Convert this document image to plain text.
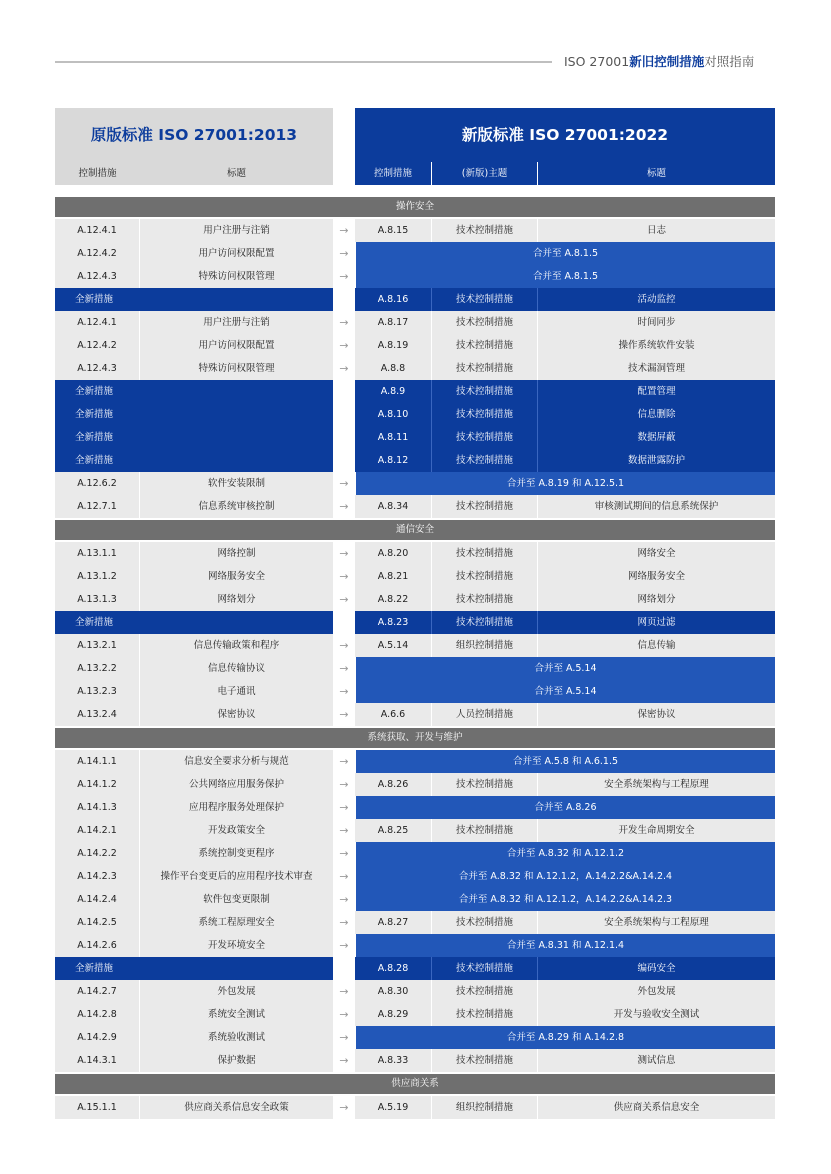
ISO 27001新旧控制措施对照指南
原版标准 ISO 27001:2013	新版标准 ISO 27001:2022
控制措施	标题	控制措施	(新版)主题	标题
操作安全
A.12.4.1	用户注册与注销	→	A.8.15	技术控制措施	日志
A.12.4.2	用户访问权限配置	→	合并至 A.8.1.5
A.12.4.3	特殊访问权限管理	→	合并至 A.8.1.5
全新措施	A.8.16	技术控制措施	活动监控
A.12.4.1	用户注册与注销	→	A.8.17	技术控制措施	时间同步
A.12.4.2	用户访问权限配置	→	A.8.19	技术控制措施	操作系统软件安装
A.12.4.3	特殊访问权限管理	→	A.8.8	技术控制措施	技术漏洞管理
全新措施	A.8.9	技术控制措施	配置管理
全新措施	A.8.10	技术控制措施	信息删除
全新措施	A.8.11	技术控制措施	数据屏蔽
全新措施	A.8.12	技术控制措施	数据泄露防护
A.12.6.2	软件安装限制	→	合并至 A.8.19 和 A.12.5.1
A.12.7.1	信息系统审核控制	→	A.8.34	技术控制措施	审核测试期间的信息系统保护
通信安全
A.13.1.1	网络控制	→	A.8.20	技术控制措施	网络安全
A.13.1.2	网络服务安全	→	A.8.21	技术控制措施	网络服务安全
A.13.1.3	网络划分	→	A.8.22	技术控制措施	网络划分
全新措施	A.8.23	技术控制措施	网页过滤
A.13.2.1	信息传输政策和程序	→	A.5.14	组织控制措施	信息传输
A.13.2.2	信息传输协议	→	合并至 A.5.14
A.13.2.3	电子通讯	→	合并至 A.5.14
A.13.2.4	保密协议	→	A.6.6	人员控制措施	保密协议
系统获取、开发与维护
A.14.1.1	信息安全要求分析与规范	→	合并至 A.5.8 和 A.6.1.5
A.14.1.2	公共网络应用服务保护	→	A.8.26	技术控制措施	安全系统架构与工程原理
A.14.1.3	应用程序服务处理保护	→	合并至 A.8.26
A.14.2.1	开发政策安全	→	A.8.25	技术控制措施	开发生命周期安全
A.14.2.2	系统控制变更程序	→	合并至 A.8.32 和 A.12.1.2
A.14.2.3	操作平台变更后的应用程序技术审查	→	合并至 A.8.32 和 A.12.1.2，A.14.2.2&A.14.2.4
A.14.2.4	软件包变更限制	→	合并至 A.8.32 和 A.12.1.2，A.14.2.2&A.14.2.3
A.14.2.5	系统工程原理安全	→	A.8.27	技术控制措施	安全系统架构与工程原理
A.14.2.6	开发环境安全	→	合并至 A.8.31 和 A.12.1.4
全新措施	A.8.28	技术控制措施	编码安全
A.14.2.7	外包发展	→	A.8.30	技术控制措施	外包发展
A.14.2.8	系统安全测试	→	A.8.29	技术控制措施	开发与验收安全测试
A.14.2.9	系统验收测试	→	合并至 A.8.29 和 A.14.2.8
A.14.3.1	保护数据	→	A.8.33	技术控制措施	测试信息
供应商关系
A.15.1.1	供应商关系信息安全政策	→	A.5.19	组织控制措施	供应商关系信息安全
